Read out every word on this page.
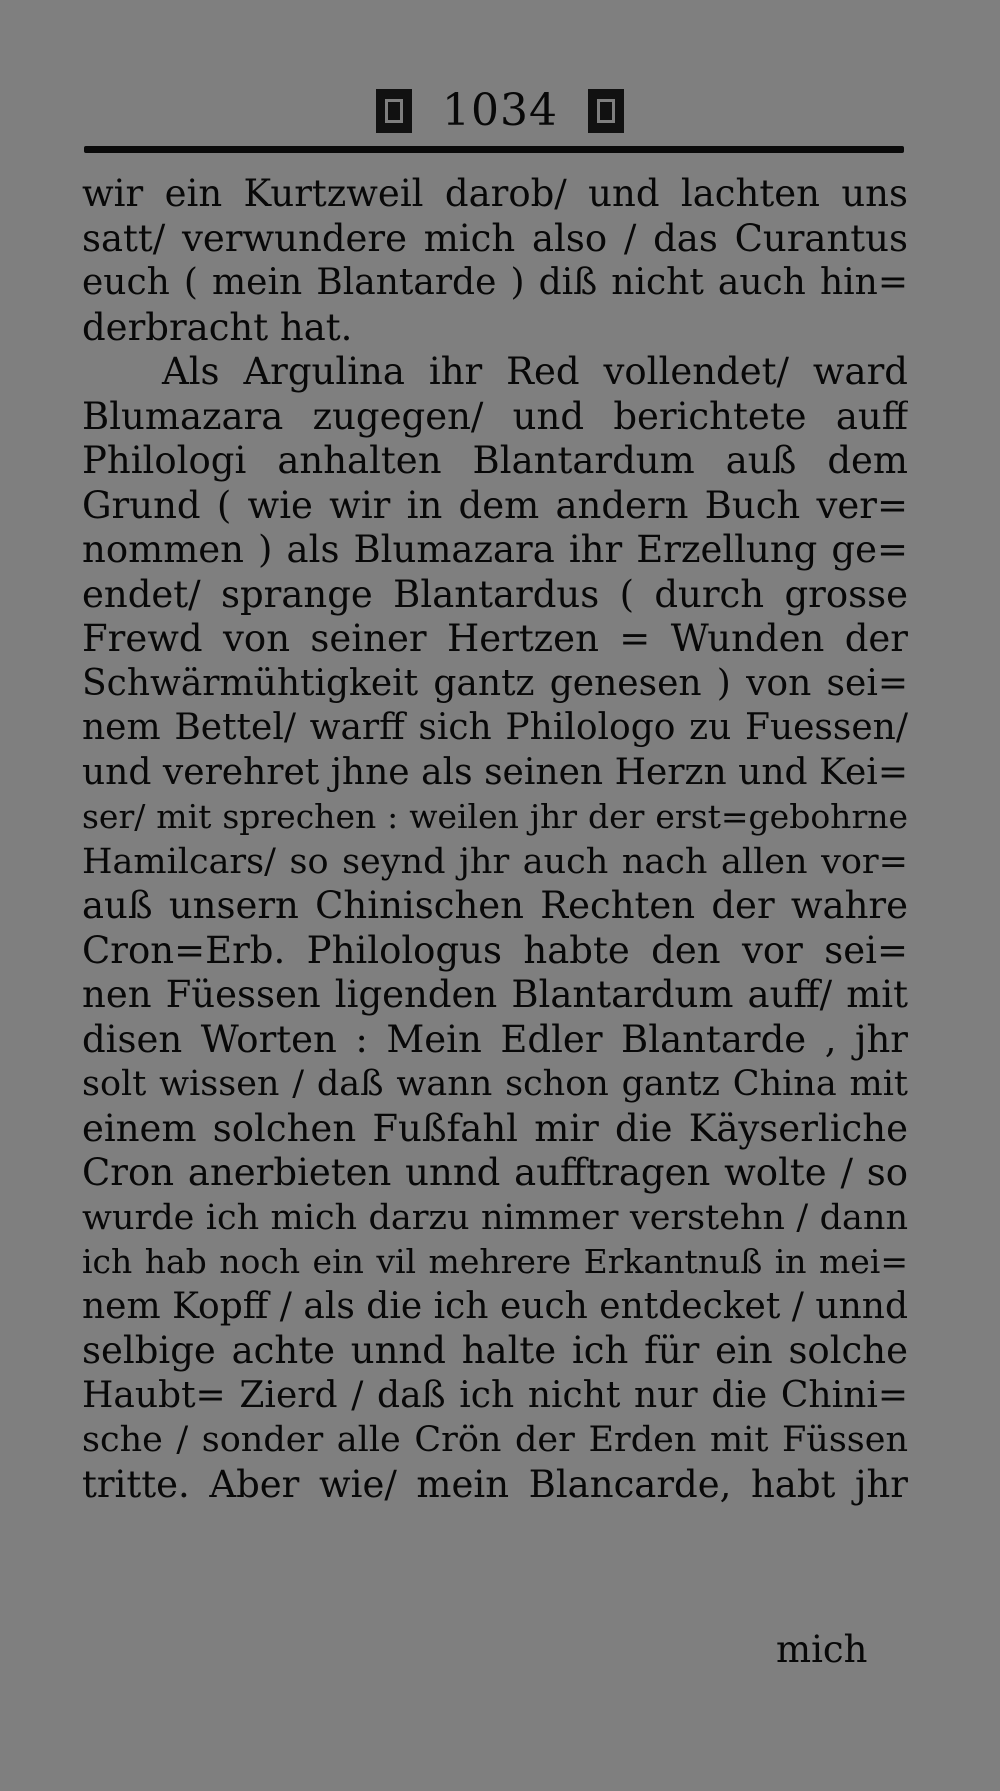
1034
wir ein Kurtzweil darob/ und lachten uns
satt/ verwundere mich also / das Curantus
euch ( mein Blantarde ) diß nicht auch hin=
derbracht hat.
Als Argulina ihr Red vollendet/ ward
Blumazara zugegen/ und berichtete auff
Philologi anhalten Blantardum auß dem
Grund ( wie wir in dem andern Buch ver=
nommen ) als Blumazara ihr Erzellung ge=
endet/ sprange Blantardus ( durch grosse
Frewd von seiner Hertzen = Wunden der
Schwärmühtigkeit gantz genesen ) von sei=
nem Bettel/ warff sich Philologo zu Fuessen/
und verehret jhne als seinen Herzn und Kei=
ser/ mit sprechen : weilen jhr der erst=gebohrne
Hamilcars/ so seynd jhr auch nach allen vor=
auß unsern Chinischen Rechten der wahre
Cron=Erb. Philologus habte den vor sei=
nen Füessen ligenden Blantardum auff/ mit
disen Worten : Mein Edler Blantarde , jhr
solt wissen / daß wann schon gantz China mit
einem solchen Fußfahl mir die Käyserliche
Cron anerbieten unnd aufftragen wolte / so
wurde ich mich darzu nimmer verstehn / dann
ich hab noch ein vil mehrere Erkantnuß in mei=
nem Kopff / als die ich euch entdecket / unnd
selbige achte unnd halte ich für ein solche
Haubt= Zierd / daß ich nicht nur die Chini=
sche / sonder alle Crön der Erden mit Füssen
tritte. Aber wie/ mein Blancarde, habt jhr
mich
